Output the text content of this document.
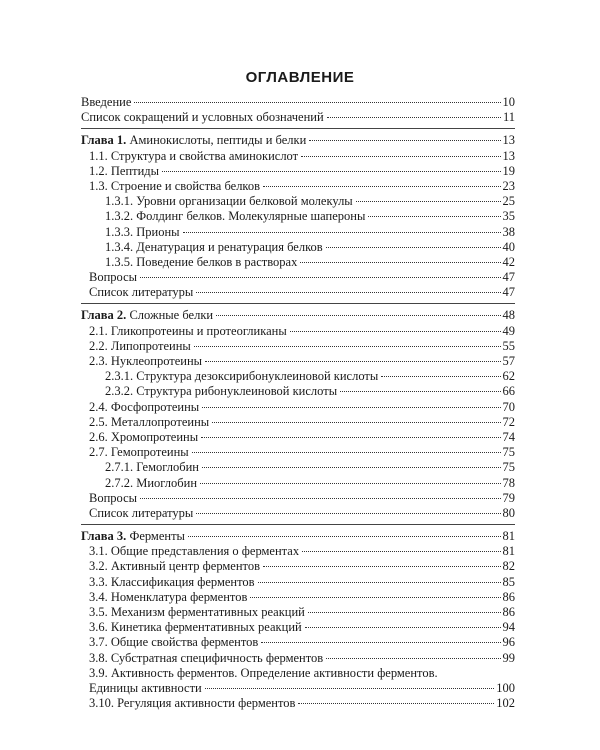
ОГЛАВЛЕНИЕ
Введение	10
Список сокращений и условных обозначений	11
Глава 1. Аминокислоты, пептиды и белки	13
1.1. Структура и свойства аминокислот	13
1.2. Пептиды	19
1.3. Строение и свойства белков	23
1.3.1. Уровни организации белковой молекулы	25
1.3.2. Фолдинг белков. Молекулярные шапероны	35
1.3.3. Прионы	38
1.3.4. Денатурация и ренатурация белков	40
1.3.5. Поведение белков в растворах	42
Вопросы	47
Список литературы	47
Глава 2. Сложные белки	48
2.1. Гликопротеины и протеогликаны	49
2.2. Липопротеины	55
2.3. Нуклеопротеины	57
2.3.1. Структура дезоксирибонуклеиновой кислоты	62
2.3.2. Структура рибонуклеиновой кислоты	66
2.4. Фосфопротеины	70
2.5. Металлопротеины	72
2.6. Хромопротеины	74
2.7. Гемопротеины	75
2.7.1. Гемоглобин	75
2.7.2. Миоглобин	78
Вопросы	79
Список литературы	80
Глава 3. Ферменты	81
3.1. Общие представления о ферментах	81
3.2. Активный центр ферментов	82
3.3. Классификация ферментов	85
3.4. Номенклатура ферментов	86
3.5. Механизм ферментативных реакций	86
3.6. Кинетика ферментативных реакций	94
3.7. Общие свойства ферментов	96
3.8. Субстратная специфичность ферментов	99
3.9. Активность ферментов. Определение активности ферментов.
Единицы активности	100
3.10. Регуляция активности ферментов	102
